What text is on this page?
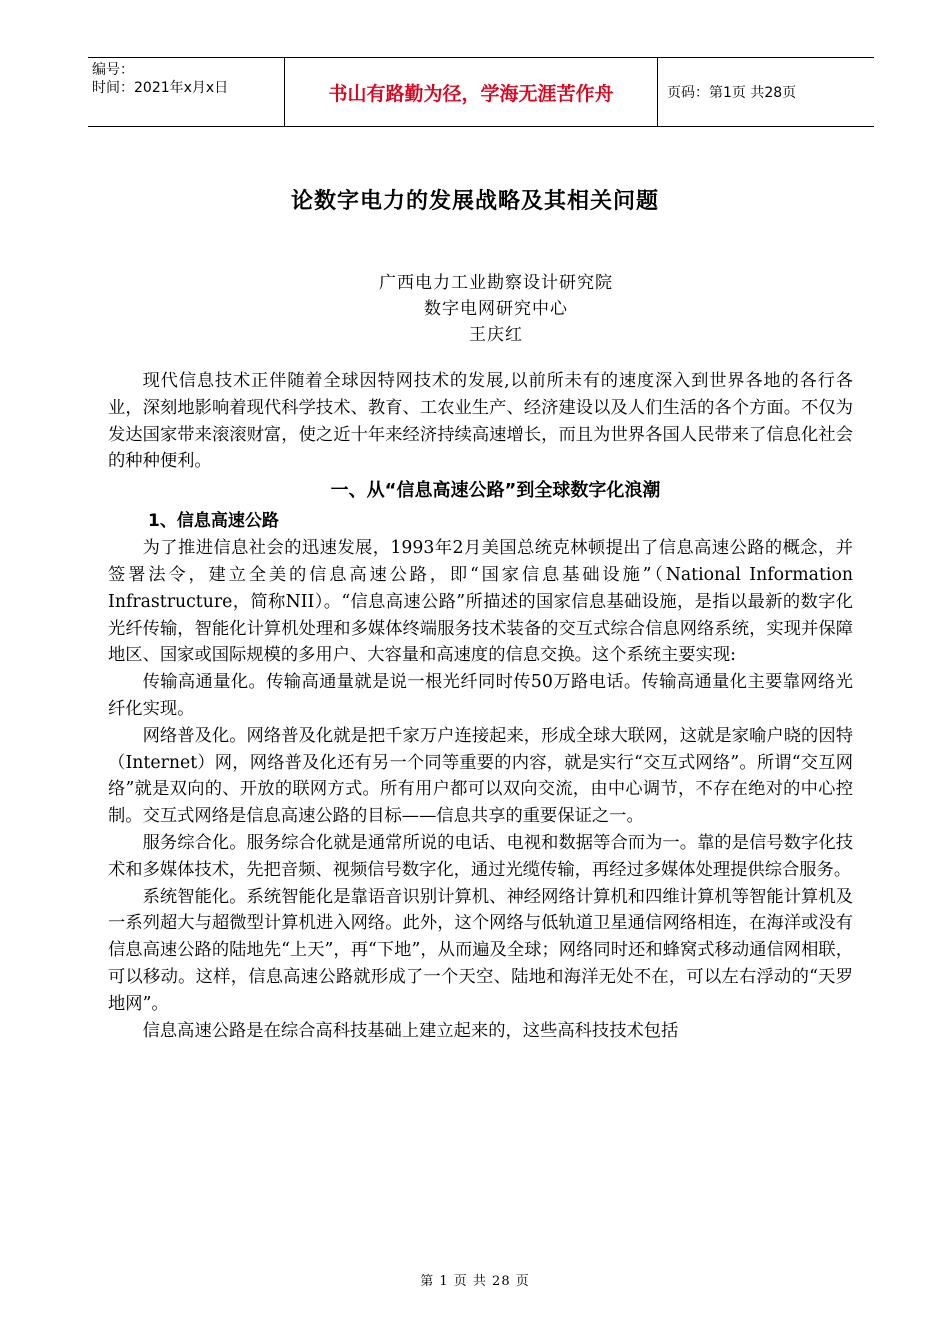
编号：
时间：2021年x月x日	书山有路勤为径，学海无涯苦作舟	页码：第1页 共28页
论数字电力的发展战略及其相关问题
广西电力工业勘察设计研究院
数字电网研究中心
王庆红

现代信息技术正伴随着全球因特网技术的发展,以前所未有的速度深入到世界各地的各行各业，深刻地影响着现代科学技术、教育、工农业生产、经济建设以及人们生活的各个方面。不仅为发达国家带来滚滚财富，使之近十年来经济持续高速增长，而且为世界各国人民带来了信息化社会的种种便利。

一、从“信息高速公路”到全球数字化浪潮
1、信息高速公路

为了推进信息社会的迅速发展，1993年2月美国总统克林顿提出了信息高速公路的概念，并签署法令，建立全美的信息高速公路，即“国家信息基础设施”（National Information Infrastructure，简称NII）。“信息高速公路”所描述的国家信息基础设施，是指以最新的数字化光纤传输，智能化计算机处理和多媒体终端服务技术装备的交互式综合信息网络系统，实现并保障地区、国家或国际规模的多用户、大容量和高速度的信息交换。这个系统主要实现:

传输高通量化。传输高通量就是说一根光纤同时传50万路电话。传输高通量化主要靠网络光纤化实现。

网络普及化。网络普及化就是把千家万户连接起来，形成全球大联网，这就是家喻户晓的因特（Internet）网，网络普及化还有另一个同等重要的内容，就是实行“交互式网络”。所谓“交互网络”就是双向的、开放的联网方式。所有用户都可以双向交流，由中心调节，不存在绝对的中心控制。交互式网络是信息高速公路的目标——信息共享的重要保证之一。

服务综合化。服务综合化就是通常所说的电话、电视和数据等合而为一。靠的是信号数字化技术和多媒体技术，先把音频、视频信号数字化，通过光缆传输，再经过多媒体处理提供综合服务。

系统智能化。系统智能化是靠语音识别计算机、神经网络计算机和四维计算机等智能计算机及一系列超大与超微型计算机进入网络。此外，这个网络与低轨道卫星通信网络相连，在海洋或没有信息高速公路的陆地先“上天”，再“下地”，从而遍及全球；网络同时还和蜂窝式移动通信网相联，可以移动。这样，信息高速公路就形成了一个天空、陆地和海洋无处不在，可以左右浮动的“天罗地网”。

信息高速公路是在综合高科技基础上建立起来的，这些高科技技术包括

第 1 页 共 28 页
